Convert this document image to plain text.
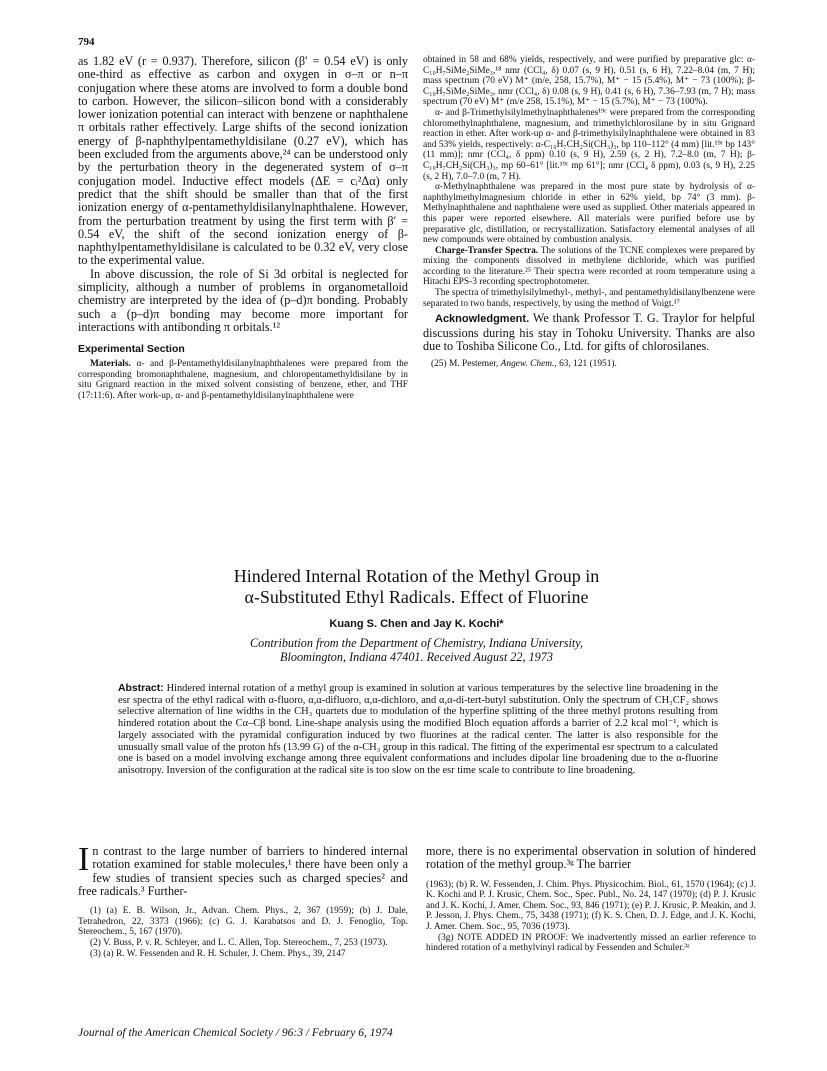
794

as 1.82 eV (r = 0.937). Therefore, silicon (β′ = 0.54 eV) is only one-third as effective as carbon and oxygen in σ–π or n–π conjugation where these atoms are involved to form a double bond to carbon. However, the silicon–silicon bond with a considerably lower ionization potential can interact with benzene or naphthalene π orbitals rather effectively. Large shifts of the second ionization energy of β-naphthylpentamethyldisilane (0.27 eV), which has been excluded from the arguments above,²⁴ can be understood only by the perturbation theory in the degenerated system of σ–π conjugation model. Inductive effect models (ΔE = cᵢ²Δα) only predict that the shift should be smaller than that of the first ionization energy of α-pentamethyldisilanylnaphthalene. However, from the perturbation treatment by using the first term with β′ = 0.54 eV, the shift of the second ionization energy of β-naphthylpentamethyldisilane is calculated to be 0.32 eV, very close to the experimental value.

In above discussion, the role of Si 3d orbital is neglected for simplicity, although a number of problems in organometalloid chemistry are interpreted by the idea of (p–d)π bonding. Probably such a (p–d)π bonding may become more important for interactions with antibonding π orbitals.¹²

Experimental Section

Materials. α- and β-Pentamethyldisilanylnaphthalenes were prepared from the corresponding bromonaphthalene, magnesium, and chloropentamethyldisilane by in situ Grignard reaction in the mixed solvent consisting of benzene, ether, and THF (17:11:6). After work-up, α- and β-pentamethyldisilanylnaphthalene were

obtained in 58 and 68% yields, respectively, and were purified by preparative glc: α-C₁₀H₇SiMe₂SiMe₃,¹⁸ nmr (CCl₄, δ) 0.07 (s, 9 H), 0.51 (s, 6 H), 7.22–8.04 (m, 7 H); mass spectrum (70 eV) M⁺ (m/e, 258, 15.7%), M⁺ − 15 (5.4%), M⁺ − 73 (100%); β-C₁₀H₇SiMe₂SiMe₃, nmr (CCl₄, δ) 0.08 (s, 9 H), 0.41 (s, 6 H), 7.36–7.93 (m, 7 H); mass spectrum (70 eV) M⁺ (m/e 258, 15.1%), M⁺ − 15 (5.7%), M⁺ − 73 (100%).

α- and β-Trimethylsilylmethylnaphthalenes¹⁹ᶜ were prepared from the corresponding chloromethylnaphthalene, magnesium, and trimethylchlorosilane by in situ Grignard reaction in ether. After work-up α- and β-trimethylsilylnaphthalene were obtained in 83 and 53% yields, respectively: α-C₁₀H₇CH₂Si(CH₃)₃, bp 110–112° (4 mm) [lit.¹⁹ᶜ bp 143° (11 mm)]; nmr (CCl₄, δ ppm) 0.10 (s, 9 H), 2.59 (s, 2 H), 7.2–8.0 (m, 7 H); β-C₁₀H₇CH₂Si(CH₃)₃, mp 60–61° [lit.¹⁹ᶜ mp 61°]; nmr (CCl₄ δ ppm), 0.03 (s, 9 H), 2.25 (s, 2 H), 7.0–7.0 (m, 7 H).

α-Methylnaphthalene was prepared in the most pure state by hydrolysis of α-naphthylmethylmagnesium chloride in ether in 62% yield, bp 74° (3 mm). β-Methylnaphthalene and naphthalene were used as supplied. Other materials appeared in this paper were reported elsewhere. All materials were purified before use by preparative glc, distillation, or recrystallization. Satisfactory elemental analyses of all new compounds were obtained by combustion analysis.

Charge-Transfer Spectra. The solutions of the TCNE complexes were prepared by mixing the components dissolved in methylene dichloride, which was purified according to the literature.²⁵ Their spectra were recorded at room temperature using a Hitachi EPS-3 recording spectrophotometer.

The spectra of trimethylsilylmethyl-, methyl-, and pentamethyldisilanylbenzene were separated to two bands, respectively, by using the method of Voigt.¹⁷

Acknowledgment. We thank Professor T. G. Traylor for helpful discussions during his stay in Tohoku University. Thanks are also due to Toshiba Silicone Co., Ltd. for gifts of chlorosilanes.

(25) M. Pestemer, Angew. Chem., 63, 121 (1951).
Hindered Internal Rotation of the Methyl Group in
α-Substituted Ethyl Radicals. Effect of Fluorine
Kuang S. Chen and Jay K. Kochi*
Contribution from the Department of Chemistry, Indiana University,
Bloomington, Indiana 47401. Received August 22, 1973

Abstract: Hindered internal rotation of a methyl group is examined in solution at various temperatures by the selective line broadening in the esr spectra of the ethyl radical with α-fluoro, α,α-difluoro, α,α-dichloro, and α,α-di-tert-butyl substitution. Only the spectrum of CH₃CF₂ shows selective alternation of line widths in the CH₃ quartets due to modulation of the hyperfine splitting of the three methyl protons resulting from hindered rotation about the Cα–Cβ bond. Line-shape analysis using the modified Bloch equation affords a barrier of 2.2 kcal mol⁻¹, which is largely associated with the pyramidal configuration induced by two fluorines at the radical center. The latter is also responsible for the unusually small value of the proton hfs (13.99 G) of the α-CH₃ group in this radical. The fitting of the experimental esr spectrum to a calculated one is based on a model involving exchange among three equivalent conformations and includes dipolar line broadening due to the α-fluorine anisotropy. Inversion of the configuration at the radical site is too slow on the esr time scale to contribute to line broadening.

In contrast to the large number of barriers to hindered internal rotation examined for stable molecules,¹ there have been only a few studies of transient species such as charged species² and free radicals.³ Further-

(1) (a) E. B. Wilson, Jr., Advan. Chem. Phys., 2, 367 (1959); (b) J. Dale, Tetrahedron, 22, 3373 (1966); (c) G. J. Karabatsos and D. J. Fenoglio, Top. Stereochem., 5, 167 (1970).

(2) V. Buss, P. v. R. Schleyer, and L. C. Allen, Top. Stereochem., 7, 253 (1973).

(3) (a) R. W. Fessenden and R. H. Schuler, J. Chem. Phys., 39, 2147

more, there is no experimental observation in solution of hindered rotation of the methyl group.³ᵍ The barrier

(1963); (b) R. W. Fessenden, J. Chim. Phys. Physicochim. Biol., 61, 1570 (1964); (c) J. K. Kochi and P. J. Krusic, Chem. Soc., Spec. Publ., No. 24, 147 (1970); (d) P. J. Krusic and J. K. Kochi, J. Amer. Chem. Soc., 93, 846 (1971); (e) P. J. Krusic, P. Meakin, and J. P. Jesson, J. Phys. Chem., 75, 3438 (1971); (f) K. S. Chen, D. J. Edge, and J. K. Kochi, J. Amer. Chem. Soc., 95, 7036 (1973).

(3g) NOTE ADDED IN PROOF: We inadvertently missed an earlier reference to hindered rotation of a methylvinyl radical by Fessenden and Schuler.³ᵃ

Journal of the American Chemical Society / 96:3 / February 6, 1974
